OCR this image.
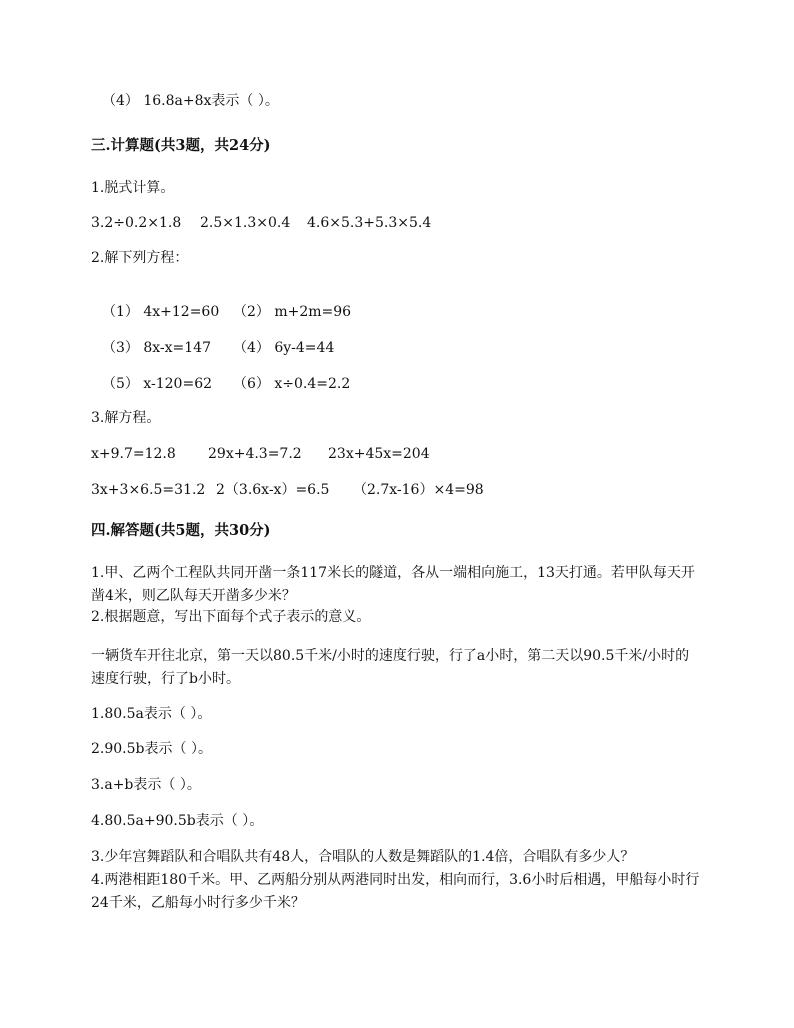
（4） 16.8a+8x表示（ ）。
三.计算题(共3题，共24分)
1.脱式计算。
3.2÷0.2×1.8 2.5×1.3×0.4 4.6×5.3+5.3×5.4
2.解下列方程：
（1） 4x+12=60 （2） m+2m=96
（3） 8x-x=147 （4） 6y-4=44
（5） x-120=62 （6） x÷0.4=2.2
3.解方程。
x+9.7=12.8 29x+4.3=7.2 23x+45x=204
3x+3×6.5=31.2 2（3.6x-x）=6.5 （2.7x-16）×4=98
四.解答题(共5题，共30分)
1.甲、乙两个工程队共同开凿一条117米长的隧道，各从一端相向施工，13天打通。若甲队每天开凿4米，则乙队每天开凿多少米？
2.根据题意，写出下面每个式子表示的意义。
一辆货车开往北京，第一天以80.5千米/小时的速度行驶，行了a小时，第二天以90.5千米/小时的速度行驶，行了b小时。
1.80.5a表示（ ）。
2.90.5b表示（ ）。
3.a+b表示（ ）。
4.80.5a+90.5b表示（ ）。
3.少年宫舞蹈队和合唱队共有48人，合唱队的人数是舞蹈队的1.4倍，合唱队有多少人？
4.两港相距180千米。甲、乙两船分别从两港同时出发，相向而行，3.6小时后相遇，甲船每小时行24千米，乙船每小时行多少千米？
